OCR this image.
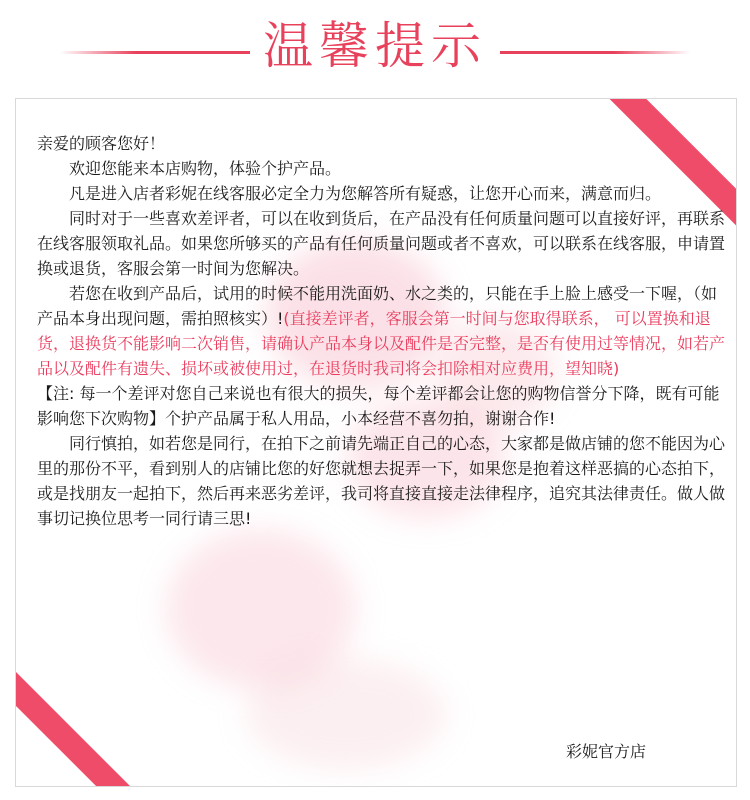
温馨提示

亲爱的顾客您好！

欢迎您能来本店购物，体验个护产品。

凡是进入店者彩妮在线客服必定全力为您解答所有疑惑，让您开心而来，满意而归。

同时对于一些喜欢差评者，可以在收到货后，在产品没有任何质量问题可以直接好评，再联系在线客服领取礼品。如果您所够买的产品有任何质量问题或者不喜欢，可以联系在线客服，申请置换或退货，客服会第一时间为您解决。

若您在收到产品后，试用的时候不能用洗面奶、水之类的，只能在手上脸上感受一下喔，（如产品本身出现问题，需拍照核实）!(直接差评者，客服会第一时间与您取得联系， 可以置换和退货，退换货不能影响二次销售，请确认产品本身以及配件是否完整，是否有使用过等情况，如若产品以及配件有遗失、损坏或被使用过，在退货时我司将会扣除相对应费用，望知晓)

【注: 每一个差评对您自己来说也有很大的损失，每个差评都会让您的购物信誉分下降，既有可能影响您下次购物】个护产品属于私人用品，小本经营不喜勿拍，谢谢合作!

同行慎拍，如若您是同行，在拍下之前请先端正自己的心态，大家都是做店铺的您不能因为心里的那份不平，看到别人的店铺比您的好您就想去捉弄一下，如果您是抱着这样恶搞的心态拍下，或是找朋友一起拍下，然后再来恶劣差评，我司将直接直接走法律程序，追究其法律责任。做人做事切记换位思考一同行请三思!

彩妮官方店
